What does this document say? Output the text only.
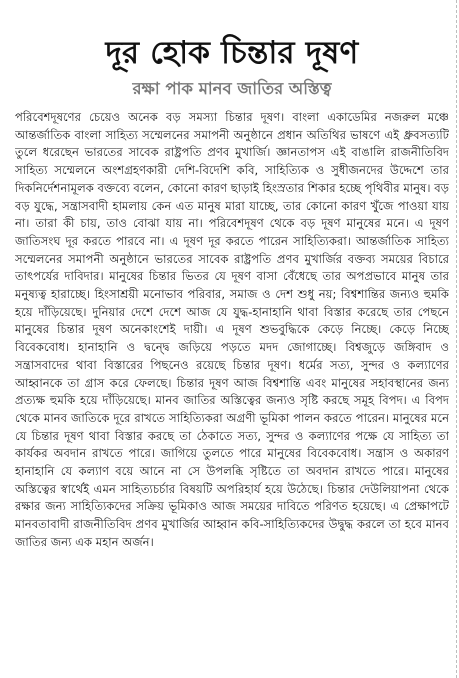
দূর হোক চিন্তার দূষণ
রক্ষা পাক মানব জাতির অস্তিত্ব

পরিবেশদূষণের চেয়েও অনেক বড় সমস্যা চিন্তার দূষণ। বাংলা একাডেমির নজরুল মঞ্চে আন্তর্জাতিক বাংলা সাহিত্য সম্মেলনের সমাপনী অনুষ্ঠানে প্রধান অতিথির ভাষণে এই ধ্রুবসত্যটি তুলে ধরেছেন ভারতের সাবেক রাষ্ট্রপতি প্রণব মুখার্জি। জ্ঞানতাপস এই বাঙালি রাজনীতিবিদ সাহিত্য সম্মেলনে অংশগ্রহণকারী দেশি-বিদেশি কবি, সাহিত্যিক ও সুধীজনদের উদ্দেশে তার দিকনির্দেশনামূলক বক্তব্যে বলেন, কোনো কারণ ছাড়াই হিংস্রতার শিকার হচ্ছে পৃথিবীর মানুষ। বড় বড় যুদ্ধে, সন্ত্রাসবাদী হামলায় কেন এত মানুষ মারা যাচ্ছে, তার কোনো কারণ খুঁজে পাওয়া যায় না। তারা কী চায়, তাও বোঝা যায় না। পরিবেশদূষণ থেকে বড় দূষণ মানুষের মনে। এ দূষণ জাতিসংঘ দূর করতে পারবে না। এ দূষণ দূর করতে পারেন সাহিত্যিকরা। আন্তর্জাতিক সাহিত্য সম্মেলনের সমাপনী অনুষ্ঠানে ভারতের সাবেক রাষ্ট্রপতি প্রণব মুখার্জির বক্তব্য সময়ের বিচারে তাৎপর্যের দাবিদার। মানুষের চিন্তার ভিতর যে দূষণ বাসা বেঁধেছে তার অপপ্রভাবে মানুষ তার মনুষ্যত্ব হারাচ্ছে। হিংসাশ্রয়ী মনোভাব পরিবার, সমাজ ও দেশ শুধু নয়; বিশ্বশান্তির জন্যও হুমকি হয়ে দাঁড়িয়েছে। দুনিয়ার দেশে দেশে আজ যে যুদ্ধ-হানাহানি থাবা বিস্তার করেছে তার পেছনে মানুষের চিন্তার দূষণ অনেকাংশেই দায়ী। এ দূষণ শুভবুদ্ধিকে কেড়ে নিচ্ছে। কেড়ে নিচ্ছে বিবেকবোধ। হানাহানি ও দ্বন্দ্বে জড়িয়ে পড়তে মদদ জোগাচ্ছে। বিশ্বজুড়ে জঙ্গিবাদ ও সন্ত্রাসবাদের থাবা বিস্তারের পিছনেও রয়েছে চিন্তার দূষণ। ধর্মের সত্য, সুন্দর ও কল্যাণের আহ্বানকে তা গ্রাস করে ফেলছে। চিন্তার দূষণ আজ বিশ্বশান্তি এবং মানুষের সহাবস্থানের জন্য প্রত্যক্ষ হুমকি হয়ে দাঁড়িয়েছে। মানব জাতির অস্তিত্বের জন্যও সৃষ্টি করছে সমূহ বিপদ। এ বিপদ থেকে মানব জাতিকে দূরে রাখতে সাহিত্যিকরা অগ্রণী ভূমিকা পালন করতে পারেন। মানুষের মনে যে চিন্তার দূষণ থাবা বিস্তার করছে তা ঠেকাতে সত্য, সুন্দর ও কল্যাণের পক্ষে যে সাহিত্য তা কার্যকর অবদান রাখতে পারে। জাগিয়ে তুলতে পারে মানুষের বিবেকবোধ। সন্ত্রাস ও অকারণ হানাহানি যে কল্যাণ বয়ে আনে না সে উপলব্ধি সৃষ্টিতে তা অবদান রাখতে পারে। মানুষের অস্তিত্বের স্বার্থেই এমন সাহিত্যচর্চার বিষয়টি অপরিহার্য হয়ে উঠেছে। চিন্তার দেউলিয়াপনা থেকে রক্ষার জন্য সাহিত্যিকদের সক্রিয় ভূমিকাও আজ সময়ের দাবিতে পরিণত হয়েছে। এ প্রেক্ষাপটে মানবতাবাদী রাজনীতিবিদ প্রণব মুখার্জির আহ্বান কবি-সাহিত্যিকদের উদ্বুদ্ধ করলে তা হবে মানব জাতির জন্য এক মহান অর্জন।
